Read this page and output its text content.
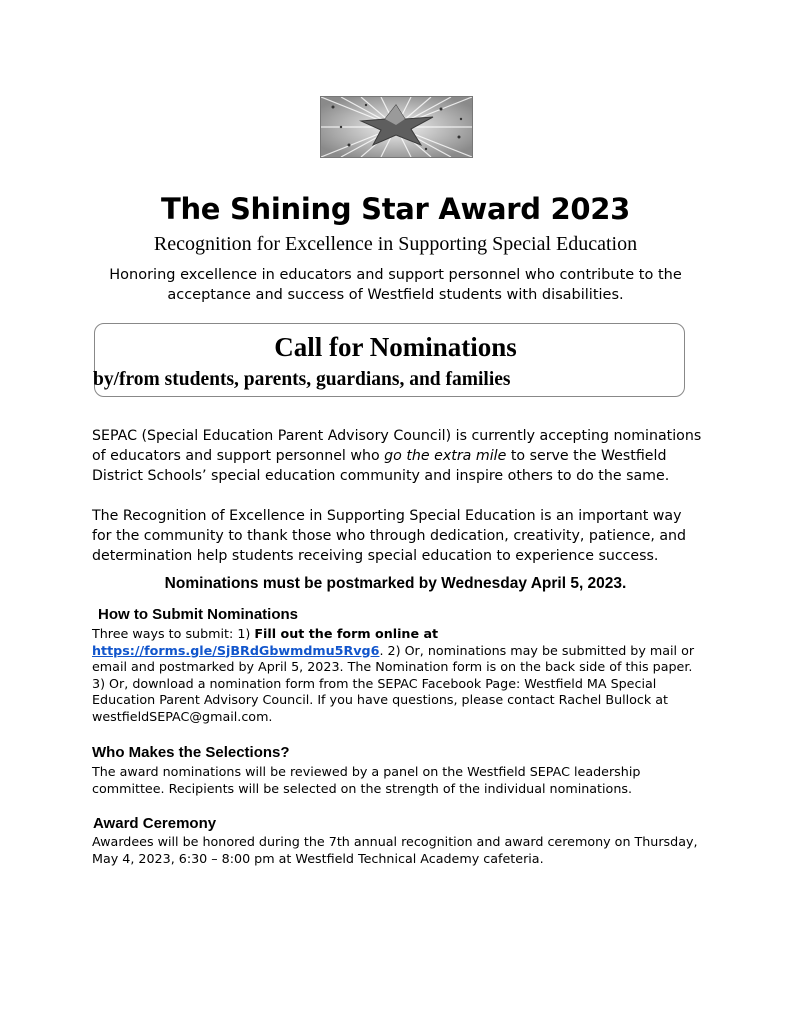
The Shining Star Award 2023
Recognition for Excellence in Supporting Special Education
Honoring excellence in educators and support personnel who contribute to the acceptance and success of Westfield students with disabilities.
Call for Nominations
by/from students, parents, guardians, and families
SEPAC (Special Education Parent Advisory Council) is currently accepting nominations of educators and support personnel who go the extra mile to serve the Westfield District Schools’ special education community and inspire others to do the same.
The Recognition of Excellence in Supporting Special Education is an important way for the community to thank those who through dedication, creativity, patience, and determination help students receiving special education to experience success.
Nominations must be postmarked by Wednesday April 5, 2023.
How to Submit Nominations
Three ways to submit: 1) Fill out the form online at
https://forms.gle/SjBRdGbwmdmu5Rvg6. 2) Or, nominations may be submitted by mail or email and postmarked by April 5, 2023. The Nomination form is on the back side of this paper. 3) Or, download a nomination form from the SEPAC Facebook Page: Westfield MA Special Education Parent Advisory Council. If you have questions, please contact Rachel Bullock at westfieldSEPAC@gmail.com.
Who Makes the Selections?
The award nominations will be reviewed by a panel on the Westfield SEPAC leadership committee. Recipients will be selected on the strength of the individual nominations.
Award Ceremony
Awardees will be honored during the 7th annual recognition and award ceremony on Thursday, May 4, 2023, 6:30 – 8:00 pm at Westfield Technical Academy cafeteria.
